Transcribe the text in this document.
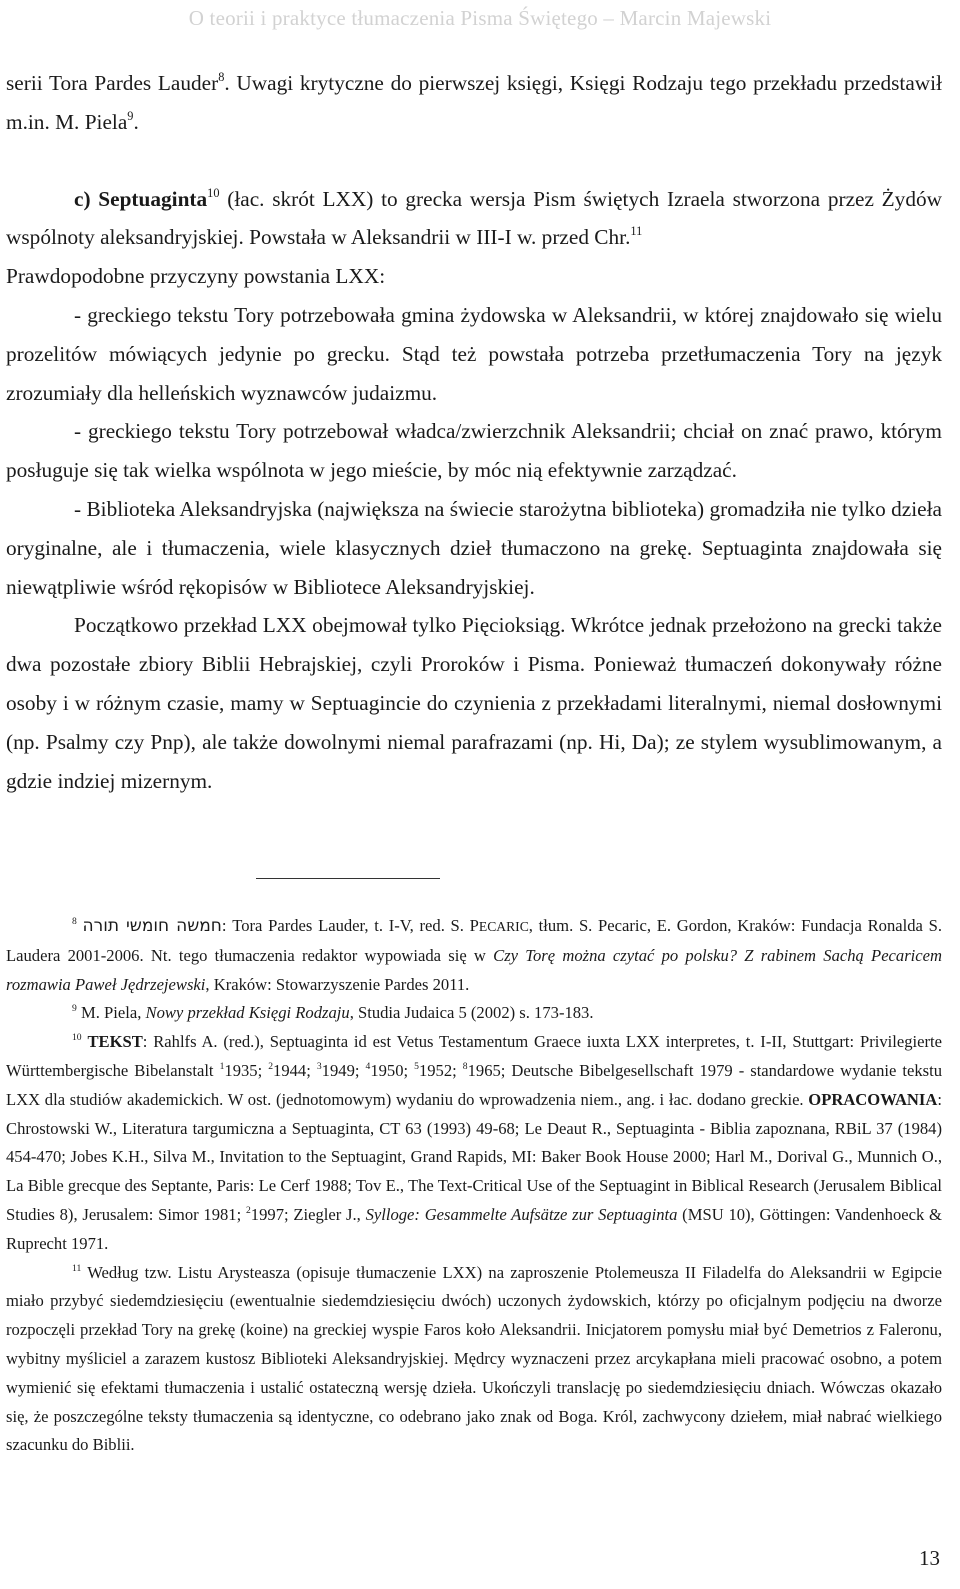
O teorii i praktyce tłumaczenia Pisma Świętego – Marcin Majewski

serii Tora Pardes Lauder$^8$. Uwagi krytyczne do pierwszej księgi, Księgi Rodzaju tego przekładu przedstawił m.in. M. Piela$^9$.

c) Septuaginta$^{10}$ (łac. skrót LXX) to grecka wersja Pism świętych Izraela stworzona przez Żydów wspólnoty aleksandryjskiej. Powstała w Aleksandrii w III-I w. przed Chr.$^{11}$

Prawdopodobne przyczyny powstania LXX:

- greckiego tekstu Tory potrzebowała gmina żydowska w Aleksandrii, w której znajdowało się wielu prozelitów mówiących jedynie po grecku. Stąd też powstała potrzeba przetłumaczenia Tory na język zrozumiały dla helleńskich wyznawców judaizmu.

- greckiego tekstu Tory potrzebował władca/zwierzchnik Aleksandrii; chciał on znać prawo, którym posługuje się tak wielka wspólnota w jego mieście, by móc nią efektywnie zarządzać.

- Biblioteka Aleksandryjska (największa na świecie starożytna biblioteka) gromadziła nie tylko dzieła oryginalne, ale i tłumaczenia, wiele klasycznych dzieł tłumaczono na grekę. Septuaginta znajdowała się niewątpliwie wśród rękopisów w Bibliotece Aleksandryjskiej.

Początkowo przekład LXX obejmował tylko Pięcioksiąg. Wkrótce jednak przełożono na grecki także dwa pozostałe zbiory Biblii Hebrajskiej, czyli Proroków i Pisma. Ponieważ tłumaczeń dokonywały różne osoby i w różnym czasie, mamy w Septuagincie do czynienia z przekładami literalnymi, niemal dosłownymi (np. Psalmy czy Pnp), ale także dowolnymi niemal parafrazami (np. Hi, Da); ze stylem wysublimowanym, a gdzie indziej mizernym.

$^8$ חמשה חומשי תורה: Tora Pardes Lauder, t. I-V, red. S. PECARIC, tłum. S. Pecaric, E. Gordon, Kraków: Fundacja Ronalda S. Laudera 2001-2006. Nt. tego tłumaczenia redaktor wypowiada się w Czy Torę można czytać po polsku? Z rabinem Sachą Pecaricem rozmawia Paweł Jędrzejewski, Kraków: Stowarzyszenie Pardes 2011.

$^9$ M. Piela, Nowy przekład Księgi Rodzaju, Studia Judaica 5 (2002) s. 173-183.

$^{10}$ TEKST: Rahlfs A. (red.), Septuaginta id est Vetus Testamentum Graece iuxta LXX interpretes, t. I-II, Stuttgart: Privilegierte Württembergische Bibelanstalt $^1$1935; $^2$1944; $^3$1949; $^4$1950; $^5$1952; $^8$1965; Deutsche Bibelgesellschaft 1979 - standardowe wydanie tekstu LXX dla studiów akademickich. W ost. (jednotomowym) wydaniu do wprowadzenia niem., ang. i łac. dodano greckie. OPRACOWANIA: Chrostowski W., Literatura targumiczna a Septuaginta, CT 63 (1993) 49-68; Le Deaut R., Septuaginta - Biblia zapoznana, RBiL 37 (1984) 454-470; Jobes K.H., Silva M., Invitation to the Septuagint, Grand Rapids, MI: Baker Book House 2000; Harl M., Dorival G., Munnich O., La Bible grecque des Septante, Paris: Le Cerf 1988; Tov E., The Text-Critical Use of the Septuagint in Biblical Research (Jerusalem Biblical Studies 8), Jerusalem: Simor 1981; $^2$1997; Ziegler J., Sylloge: Gesammelte Aufsätze zur Septuaginta (MSU 10), Göttingen: Vandenhoeck & Ruprecht 1971.

$^{11}$ Według tzw. Listu Arysteasza (opisuje tłumaczenie LXX) na zaproszenie Ptolemeusza II Filadelfa do Aleksandrii w Egipcie miało przybyć siedemdziesięciu (ewentualnie siedemdziesięciu dwóch) uczonych żydowskich, którzy po oficjalnym podjęciu na dworze rozpoczęli przekład Tory na grekę (koine) na greckiej wyspie Faros koło Aleksandrii. Inicjatorem pomysłu miał być Demetrios z Faleronu, wybitny myśliciel a zarazem kustosz Biblioteki Aleksandryjskiej. Mędrcy wyznaczeni przez arcykapłana mieli pracować osobno, a potem wymienić się efektami tłumaczenia i ustalić ostateczną wersję dzieła. Ukończyli translację po siedemdziesięciu dniach. Wówczas okazało się, że poszczególne teksty tłumaczenia są identyczne, co odebrano jako znak od Boga. Król, zachwycony dziełem, miał nabrać wielkiego szacunku do Biblii.

13
